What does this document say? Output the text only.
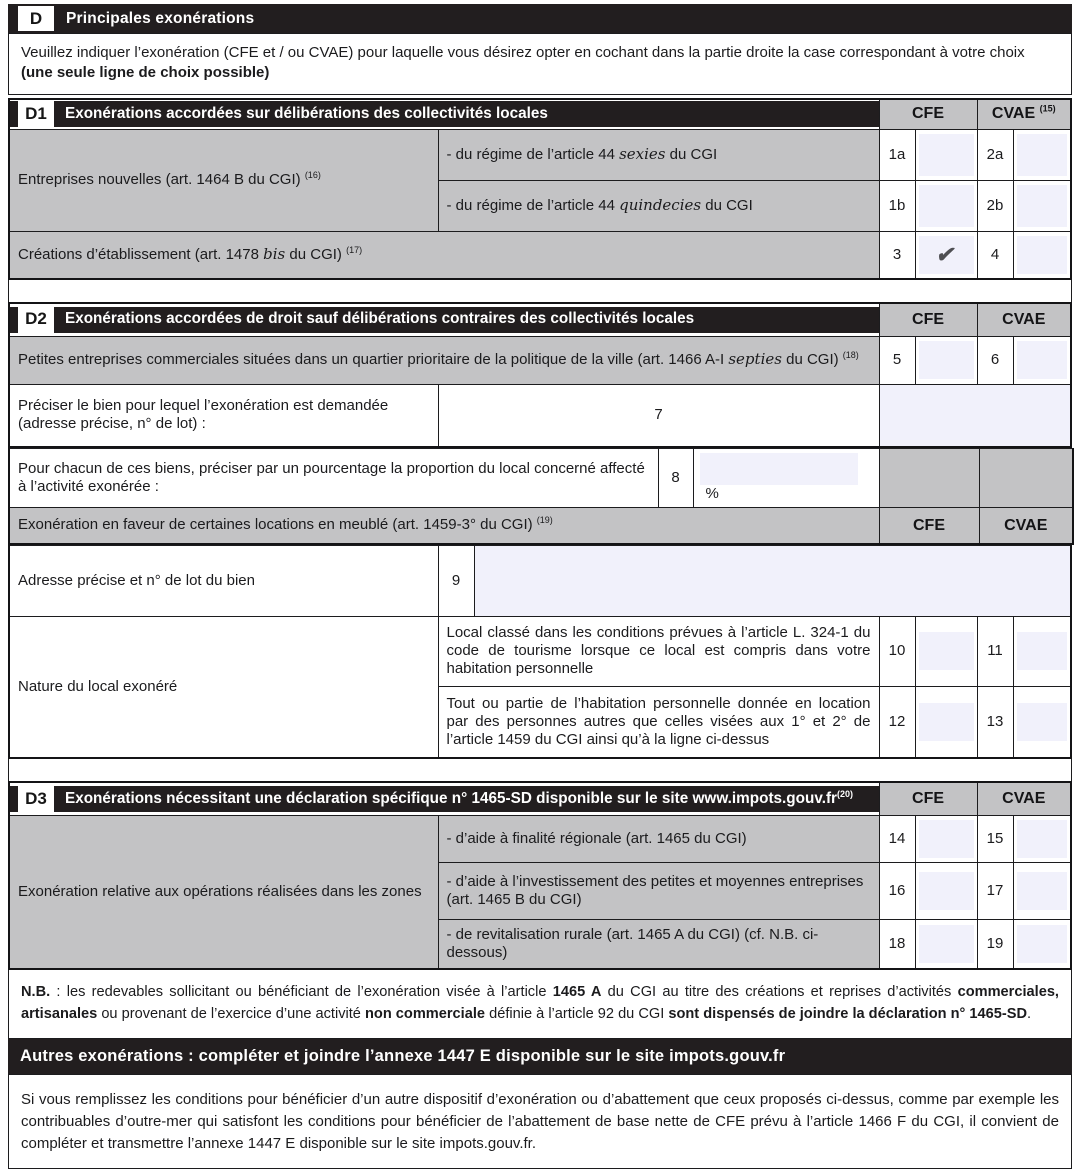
D	Principales exonérations
Veuillez indiquer l’exonération (CFE et / ou CVAE) pour laquelle vous désirez opter en cochant dans la partie droite la case correspondant à votre choix (une seule ligne de choix possible)
D1 Exonérations accordées sur délibérations des collectivités locales		CFE		CVAE $^{(15)}$
Entreprises nouvelles (art. 1464 B du CGI) $^{(16)}$	- du régime de l’article 44 sexies du CGI	1a		2a	

	- du régime de l’article 44 quindecies du CGI	1b		2b	

Créations d’établissement (art. 1478 bis du CGI) $^{(17)}$		3	✔	4	
D2 Exonérations accordées de droit sauf délibérations contraires des collectivités locales		CFE		CVAE	
Petites entreprises commerciales situées dans un quartier prioritaire de la politique de la ville (art. 1466 A-I septies du CGI) $^{(18)}$		5		6	

Préciser le bien pour lequel l’exonération est demandée (adresse précise, n° de lot) :	7				
Pour chacun de ces biens, préciser par un pourcentage la proportion du local concerné affecté à l’activité exonérée :	8	%		
Exonération en faveur de certaines locations en meublé (art. 1459-3° du CGI) $^{(19)}$			CFE	CVAE
Adresse précise et n° de lot du bien	9					
Nature du local exonéré	Local classé dans les conditions prévues à l’article L. 324-1 du code de tourisme lorsque ce local est compris dans votre habitation personnelle		10		11	

	Tout ou partie de l’habitation personnelle donnée en location par des personnes autres que celles visées aux 1° et 2° de l’article 1459 du CGI ainsi qu’à la ligne ci-dessus		12		13	
D3 Exonérations nécessitant une déclaration spécifique n° 1465-SD disponible sur le site $www.impots.gouv.fr^{(20)}$		CFE		CVAE	
Exonération relative aux opérations réalisées dans les zones	- d’aide à finalité régionale (art. 1465 du CGI)	14		15	

	- d’aide à l’investissement des petites et moyennes entreprises (art. 1465 B du CGI)	16		17	

	- de revitalisation rurale (art. 1465 A du CGI) (cf. N.B. ci-dessous)	18		19	
N.B. : les redevables sollicitant ou bénéficiant de l’exonération visée à l’article 1465 A du CGI au titre des créations et reprises d’activités commerciales, artisanales ou provenant de l’exercice d’une activité non commerciale définie à l’article 92 du CGI sont dispensés de joindre la déclaration n° 1465-SD.
Autres exonérations : compléter et joindre l’annexe 1447 E disponible sur le site impots.gouv.fr
Si vous remplissez les conditions pour bénéficier d’un autre dispositif d’exonération ou d’abattement que ceux proposés ci-dessus, comme par exemple les contribuables d’outre-mer qui satisfont les conditions pour bénéficier de l’abattement de base nette de CFE prévu à l’article 1466 F du CGI, il convient de compléter et transmettre l’annexe 1447 E disponible sur le site impots.gouv.fr.
